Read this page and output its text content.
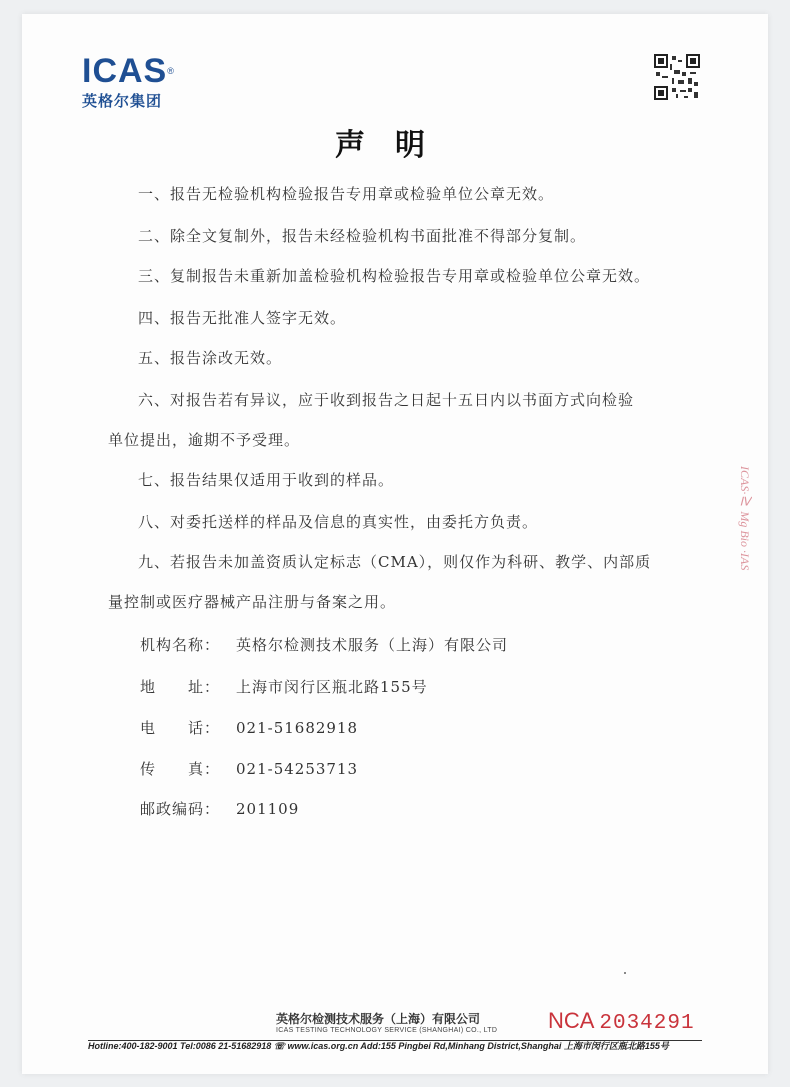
ICAS®
英格尔集团
声明
一、报告无检验机构检验报告专用章或检验单位公章无效。
二、除全文复制外，报告未经检验机构书面批准不得部分复制。
三、复制报告未重新加盖检验机构检验报告专用章或检验单位公章无效。
四、报告无批准人签字无效。
五、报告涂改无效。
六、对报告若有异议，应于收到报告之日起十五日内以书面方式向检验
单位提出，逾期不予受理。
七、报告结果仅适用于收到的样品。
八、对委托送样的样品及信息的真实性，由委托方负责。
九、若报告未加盖资质认定标志（CMA），则仅作为科研、教学、内部质
量控制或医疗器械产品注册与备案之用。
机构名称： 英格尔检测技术服务（上海）有限公司
地　　址： 上海市闵行区瓶北路155号
电　　话： 021-51682918
传　　真： 021-54253713
邮政编码： 201109
ICAS·Ⅳ Mg Bio ·IAS
英格尔检测技术服务（上海）有限公司
ICAS TESTING TECHNOLOGY SERVICE (SHANGHAI) CO., LTD NCA 2034291
Hotline:400-182-9001 Tel:0086 21-51682918 ☏ www.icas.org.cn Add:155 Pingbei Rd,Minhang District,Shanghai 上海市闵行区瓶北路155号
